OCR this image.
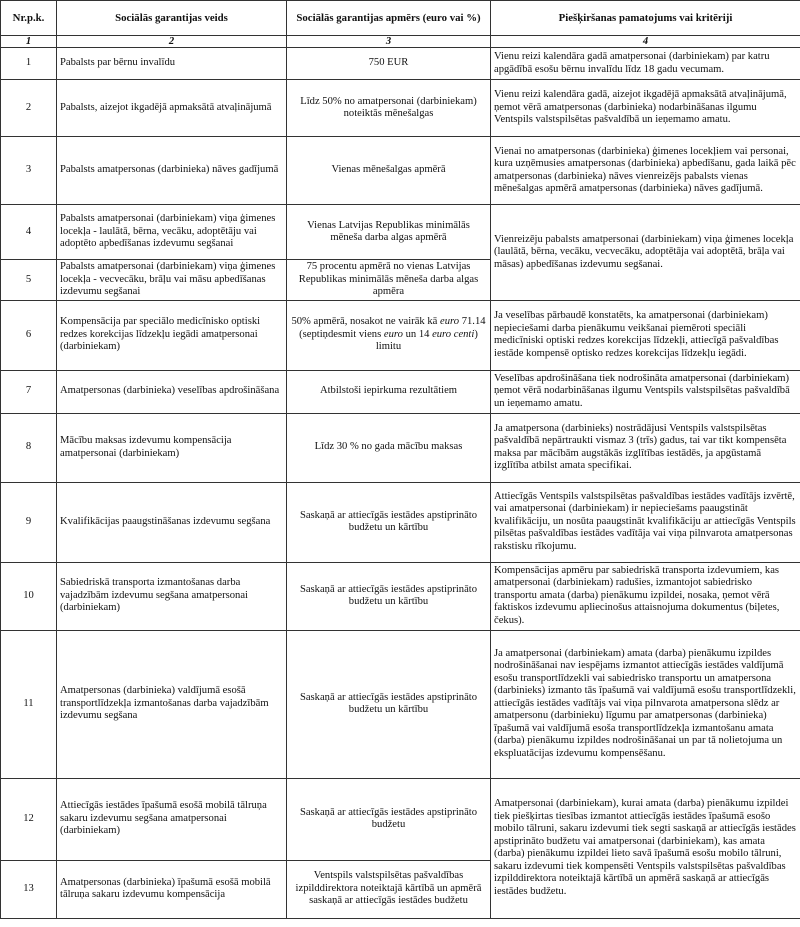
Nr.p.k.	Sociālās garantijas veids	Sociālās garantijas apmērs (euro vai %)	Piešķiršanas pamatojums vai kritēriji
1	2	3	4
1	Pabalsts par bērnu invalīdu	750 EUR	Vienu reizi kalendāra gadā amatpersonai (darbiniekam) par katru apgādībā esošu bērnu invalīdu līdz 18 gadu vecumam.
2	Pabalsts, aizejot ikgadējā apmaksātā atvaļinājumā	Līdz 50% no amatpersonai (darbiniekam) noteiktās mēnešalgas	Vienu reizi kalendāra gadā, aizejot ikgadējā apmaksātā atvaļinājumā, ņemot vērā amatpersonas (darbinieka) nodarbināšanas ilgumu Ventspils valstspilsētas pašvaldībā un ieņemamo amatu.
3	Pabalsts amatpersonas (darbinieka) nāves gadījumā	Vienas mēnešalgas apmērā	Vienai no amatpersonas (darbinieka) ģimenes locekļiem vai personai, kura uzņēmusies amatpersonas (darbinieka) apbedīšanu, gada laikā pēc amatpersonas (darbinieka) nāves vienreizējs pabalsts vienas mēnešalgas apmērā amatpersonas (darbinieka) nāves gadījumā.
4	Pabalsts amatpersonai (darbiniekam) viņa ģimenes locekļa - laulātā, bērna, vecāku, adoptētāju vai adoptēto apbedīšanas izdevumu segšanai	Vienas Latvijas Republikas minimālās mēneša darba algas apmērā	Vienreizēju pabalsts amatpersonai (darbiniekam) viņa ģimenes locekļa (laulātā, bērna, vecāku, vecvecāku, adoptētāja vai adoptētā, brāļa vai māsas) apbedīšanas izdevumu segšanai.
5	Pabalsts amatpersonai (darbiniekam) viņa ģimenes locekļa - vecvecāku, brāļu vai māsu apbedīšanas izdevumu segšanai	75 procentu apmērā no vienas Latvijas Republikas minimālās mēneša darba algas apmēra	
6	Kompensācija par speciālo medicīnisko optiski redzes korekcijas līdzekļu iegādi amatpersonai (darbiniekam)	50% apmērā, nosakot ne vairāk kā euro 71.14 (septiņdesmit viens euro un 14 euro centi) limitu	Ja veselības pārbaudē konstatēts, ka amatpersonai (darbiniekam) nepieciešami darba pienākumu veikšanai piemēroti speciāli medicīniski optiski redzes korekcijas līdzekļi, attiecīgā pašvaldības iestāde kompensē optisko redzes korekcijas līdzekļu iegādi.
7	Amatpersonas (darbinieka) veselības apdrošināšana	Atbilstoši iepirkuma rezultātiem	Veselības apdrošināšana tiek nodrošināta amatpersonai (darbiniekam) ņemot vērā nodarbināšanas ilgumu Ventspils valstspilsētas pašvaldībā un ieņemamo amatu.
8	Mācību maksas izdevumu kompensācija amatpersonai (darbiniekam)	Līdz 30 % no gada mācību maksas	Ja amatpersona (darbinieks) nostrādājusi Ventspils valstspilsētas pašvaldībā nepārtraukti vismaz 3 (trīs) gadus, tai var tikt kompensēta maksa par mācībām augstākās izglītības iestādēs, ja apgūstamā izglītība atbilst amata specifikai.
9	Kvalifikācijas paaugstināšanas izdevumu segšana	Saskaņā ar attiecīgās iestādes apstiprināto budžetu un kārtību	Attiecīgās Ventspils valstspilsētas pašvaldības iestādes vadītājs izvērtē, vai amatpersonai (darbiniekam) ir nepieciešams paaugstināt kvalifikāciju, un nosūta paaugstināt kvalifikāciju ar attiecīgās Ventspils pilsētas pašvaldības iestādes vadītāja vai viņa pilnvarota amatpersonas rakstisku rīkojumu.
10	Sabiedriskā transporta izmantošanas darba vajadzībām izdevumu segšana amatpersonai (darbiniekam)	Saskaņā ar attiecīgās iestādes apstiprināto budžetu un kārtību	Kompensācijas apmēru par sabiedriskā transporta izdevumiem, kas amatpersonai (darbiniekam) radušies, izmantojot sabiedrisko transportu amata (darba) pienākumu izpildei, nosaka, ņemot vērā faktiskos izdevumu apliecinošus attaisnojuma dokumentus (biļetes, čekus).
11	Amatpersonas (darbinieka) valdījumā esošā transportlīdzekļa izmantošanas darba vajadzībām izdevumu segšana	Saskaņā ar attiecīgās iestādes apstiprināto budžetu un kārtību	Ja amatpersonai (darbiniekam) amata (darba) pienākumu izpildes nodrošināšanai nav iespējams izmantot attiecīgās iestādes valdījumā esošu transportlīdzekli vai sabiedrisko transportu un amatpersona (darbinieks) izmanto tās īpašumā vai valdījumā esošu transportlīdzekli, attiecīgās iestādes vadītājs vai viņa pilnvarota amatpersona slēdz ar amatpersonu (darbinieku) līgumu par amatpersonas (darbinieka) īpašumā vai valdījumā esoša transportlīdzekļa izmantošanu amata (darba) pienākumu izpildes nodrošināšanai un par tā nolietojuma un ekspluatācijas izdevumu kompensēšanu.
12	Attiecīgās iestādes īpašumā esošā mobilā tālruņa sakaru izdevumu segšana amatpersonai (darbiniekam)	Saskaņā ar attiecīgās iestādes apstiprināto budžetu	Amatpersonai (darbiniekam), kurai amata (darba) pienākumu izpildei tiek piešķirtas tiesības izmantot attiecīgās iestādes īpašumā esošo mobilo tālruni, sakaru izdevumi tiek segti saskaņā ar attiecīgās iestādes apstiprināto budžetu vai amatpersonai (darbiniekam), kas amata (darba) pienākumu izpildei lieto savā īpašumā esošu mobilo tālruni, sakaru izdevumi tiek kompensēti Ventspils valstspilsētas pašvaldības izpilddirektora noteiktajā kārtībā un apmērā saskaņā ar attiecīgās iestādes budžetu.
13	Amatpersonas (darbinieka) īpašumā esošā mobilā tālruņa sakaru izdevumu kompensācija	Ventspils valstspilsētas pašvaldības izpilddirektora noteiktajā kārtībā un apmērā saskaņā ar attiecīgās iestādes budžetu	
